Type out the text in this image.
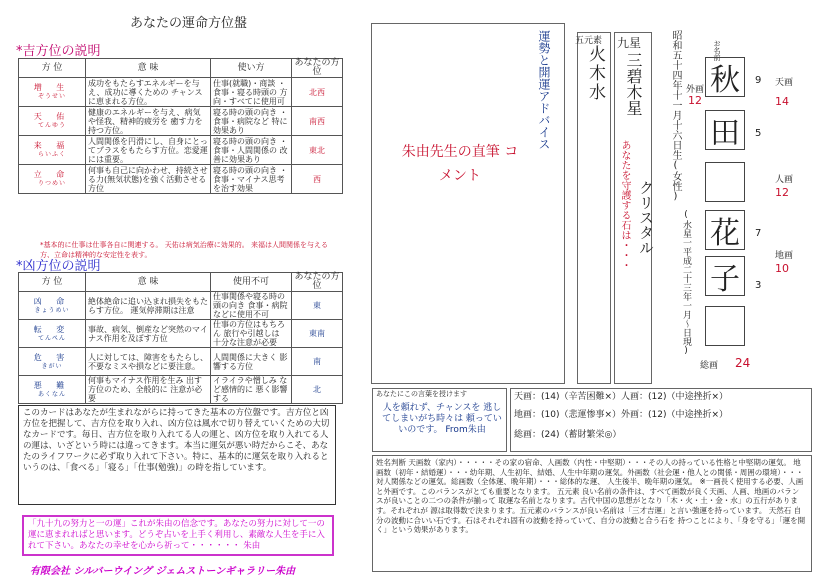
あなたの運命方位盤
*吉方位の説明
方 位	意 味	使い方	あなたの方位
増 生
ぞうせい	成功をもたらすエネルギーを与え、成功に導くための チャンスに恵まれる方位。	仕事(就職)・商談 ・食事・寝る時頭の 方向・すべてに使用可	北西
天 佑
てんゆう	健康のエネルギーを与え、病気や怪我、精神的疲労を 癒す力を持つ方位。	寝る時の頭の向き ・食事・病院など 特に効果あり	南西
来 福
らいふく	人間関係を円滑にし、自身にとってプラスをもたらす方位。恋愛運には重要。	寝る時の頭の向き ・食事・人間関係の 改善に効果あり	東北
立 命
りつめい	何事も自己に向かわせ、持続させる力(無気状態)を強く活動させる方位	寝る時の頭の向き ・食事・マイナス思考 を治す効果	西
*基本的に仕事は仕事各自に関連する。 天佑は病気治療に効果的。 来福は人間関係を与える方、立命は精神的な安定性を表す。
*凶方位の説明
方 位	意 味	使用不可	あなたの方位
凶 命
きょうめい	絶体絶命に追い込まれ損失をもたらす方位。 運気停滞期は注意	仕事関係や寝る時の頭の向き 食事・病院などに使用不可	東
転 変
てんぺん	事故、病気、倒産など突然のマイナス作用を及ぼす方位	仕事の方位はもちろん 旅行や引越しは 十分な注意が必要	東南
危 害
きがい	人に対しては、障害をもたらし、不要なミスや損などに要注意。	人間関係に大きく 影響する方位	南
悪 難
あくなん	何事もマイナス作用を生み 出す方位のため、全般的に 注意が必要	イライラや憎しみ など感情的に 悪く影響する	北
このカードはあなたが生まれながらに持ってきた基本の方位盤です。吉方位と凶方位を把握して、吉方位を取り入れ、凶方位は風水で切り替えていくための大切なカードです。毎日、吉方位を取り入れてる人の運と、凶方位を取り入れてる人の運は、いざという時には違ってきます。本当に運気が悪い時だからこそ、あなたのライフワークに必ず取り入れて下さい。特に、基本的に運気を取り入れるというのは、「食べる」「寝る」「仕事(勉強)」の時を指しています。
「九十九の努力と一の運」これが朱由の信念です。あなたの努力に対して一の運に恵まれればと思います。どうぞ占いを上手く利用し、素敵な人生を手に入れて下さい。あなたの幸せを心から祈って・・・・・・ 朱由
有限会社 シルバーウイング ジェムストーンギャラリー朱由
運勢と開運アドバイス
朱由先生の直筆 コメント
五元素
火木水
九星
三碧木星
あなたを守護する石は・・・ クリスタル
昭和五十四年十一月十六日生(女性)
(水星一平成二十三年一月～日現)
お名前
秋
田
花
子
9
5
7
3
外画
12
天画
14
人画
12
地画
10
総画 24
あなたにこの言葉を授けます
人を頼れず、チャンスを 逃してしまいがち時々は 頼っていいのです。 From朱由
天画：(14)（辛苦困難×）人画：(12)（中途挫折×）
地画：(10)（悲運惨事×）外画：(12)（中途挫折×）
総画：(24)（蓄財繁栄◎）
姓名判断 天画数（家内）・・・・・その家の宿命、人画数（内性・中堅期）・・・その人の持っている性格と中堅期の運気。 地画数（初年・結婚運）・・・幼年期、人生初年、結婚、人生中年期の運気。外画数（社会運・他人との関係・周囲の環境）・・・対人関係などの運気。総画数（全体運、晩年期）・・・総体的な運、 人生後半、晩年期の運気。 ※一画長く使用する必要、人画と外画です。このバランスがとても重要となります。 五元素 良い名前の条件は、すべて画数が良く天画、人画、地画のバランスが良いことの二つの条件が揃って 取運な名前となります。古代中国の思想がとなり「木・火・土・金・水」の五行があります。それぞれが 源は取得数で決まります。五元素のバランスが良い名前は「三才吉運」と言い強運を持っています。 天然石 自分の波動に合いい石です。石はそれぞれ固有の波動を持っていて、自分の波動と合う石を 持つことにより、「身を守る」「運を開く」という効果があります。
